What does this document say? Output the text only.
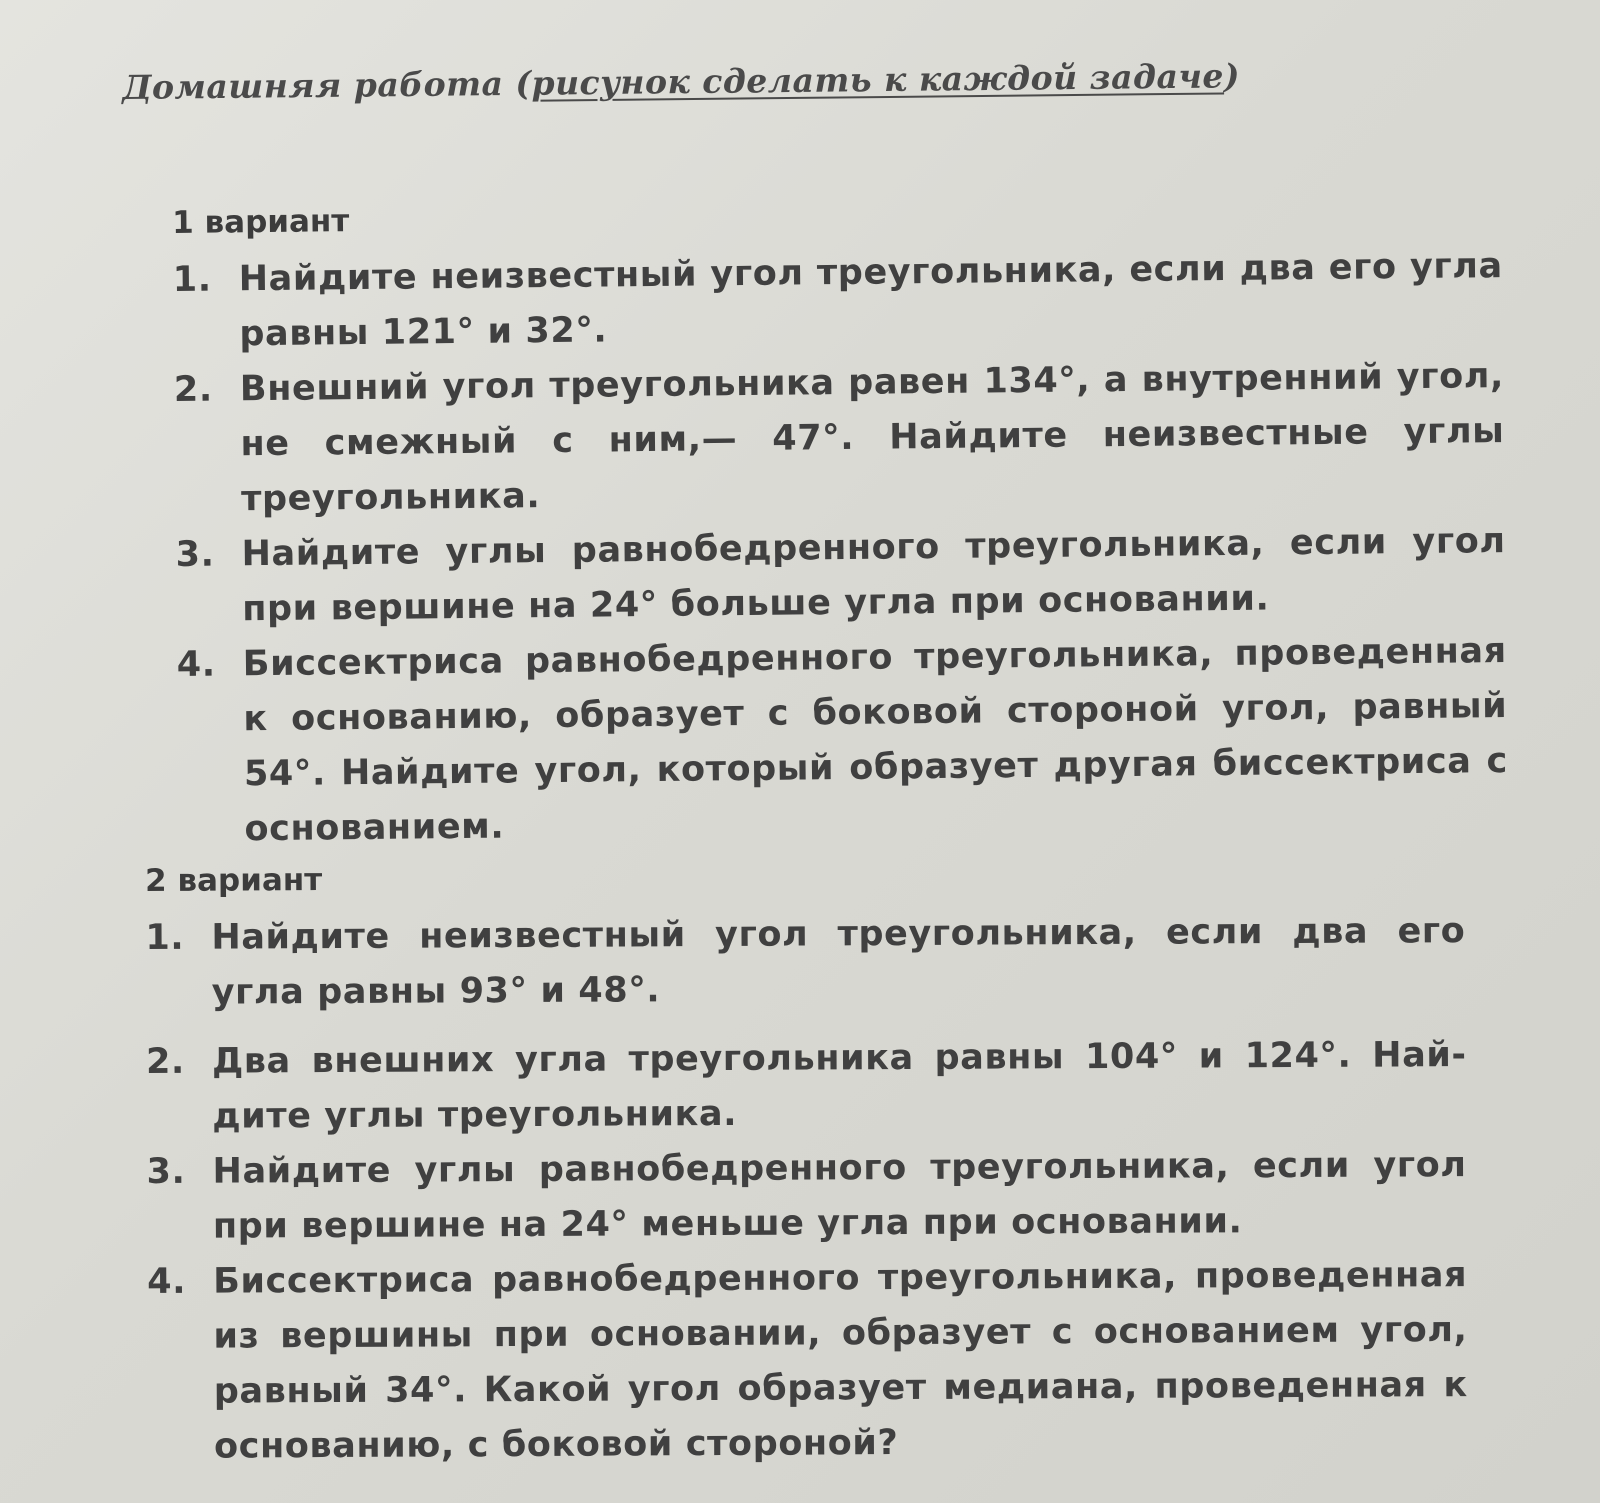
Домашняя работа (рисунок сделать к каждой задаче)
1 вариант
1. Найдите неизвестный угол треугольника, если два его угла равны 121° и 32°.
2. Внешний угол треугольника равен 134°, а внутренний угол, не смежный с ним,— 47°. Найдите неизвестные углы треугольника.
3. Найдите углы равнобедренного треугольника, если угол при вершине на 24° больше угла при основании.
4. Биссектриса равнобедренного треугольника, проведенная к основанию, образует с боковой стороной угол, равный 54°. Найдите угол, который образует другая биссектриса с основанием.
2 вариант
1. Найдите неизвестный угол треугольника, если два его угла равны 93° и 48°.
2. Два внешних угла треугольника равны 104° и 124°. Найдите углы треугольника.
3. Найдите углы равнобедренного треугольника, если угол при вершине на 24° меньше угла при основании.
4. Биссектриса равнобедренного треугольника, проведенная из вершины при основании, образует с основанием угол, равный 34°. Какой угол образует медиана, проведенная к основанию, с боковой стороной?
